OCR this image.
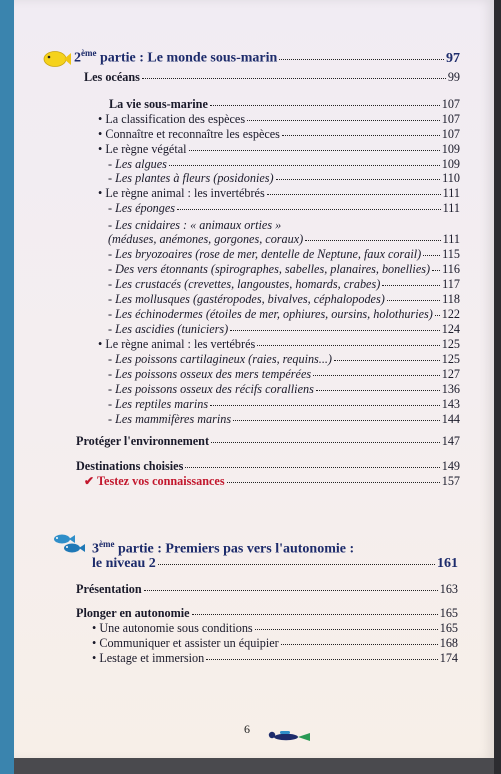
2ème partie : Le monde sous-marin	97
3ème partie : Premiers pas vers l'autonomie :
le niveau 2	161
6
Les océans	99
La vie sous-marine	107
• La classification des espèces	107
• Connaître et reconnaître les espèces	107
• Le règne végétal	109
- Les algues	109
- Les plantes à fleurs (posidonies)	110
• Le règne animal : les invertébrés	111
- Les éponges	111
- Les cnidaires : « animaux orties »
(méduses, anémones, gorgones, coraux)	111
- Les bryozoaires (rose de mer, dentelle de Neptune, faux corail) 115
- Des vers étonnants (spirographes, sabelles, planaires, bonellies) 116
- Les crustacés (crevettes, langoustes, homards, crabes)	117
- Les mollusques (gastéropodes, bivalves, céphalopodes)	118
- Les échinodermes (étoiles de mer, ophiures, oursins, holothuries) 122
- Les ascidies (tuniciers)	124
• Le règne animal : les vertébrés	125
- Les poissons cartilagineux (raies, requins...)	125
- Les poissons osseux des mers tempérées	127
- Les poissons osseux des récifs coralliens	136
- Les reptiles marins	143
- Les mammifères marins	144
Protéger l'environnement	147
Destinations choisies	149
✔ Testez vos connaissances	157
Présentation	163
Plonger en autonomie	165
• Une autonomie sous conditions	165
• Communiquer et assister un équipier	168
• Lestage et immersion	174
